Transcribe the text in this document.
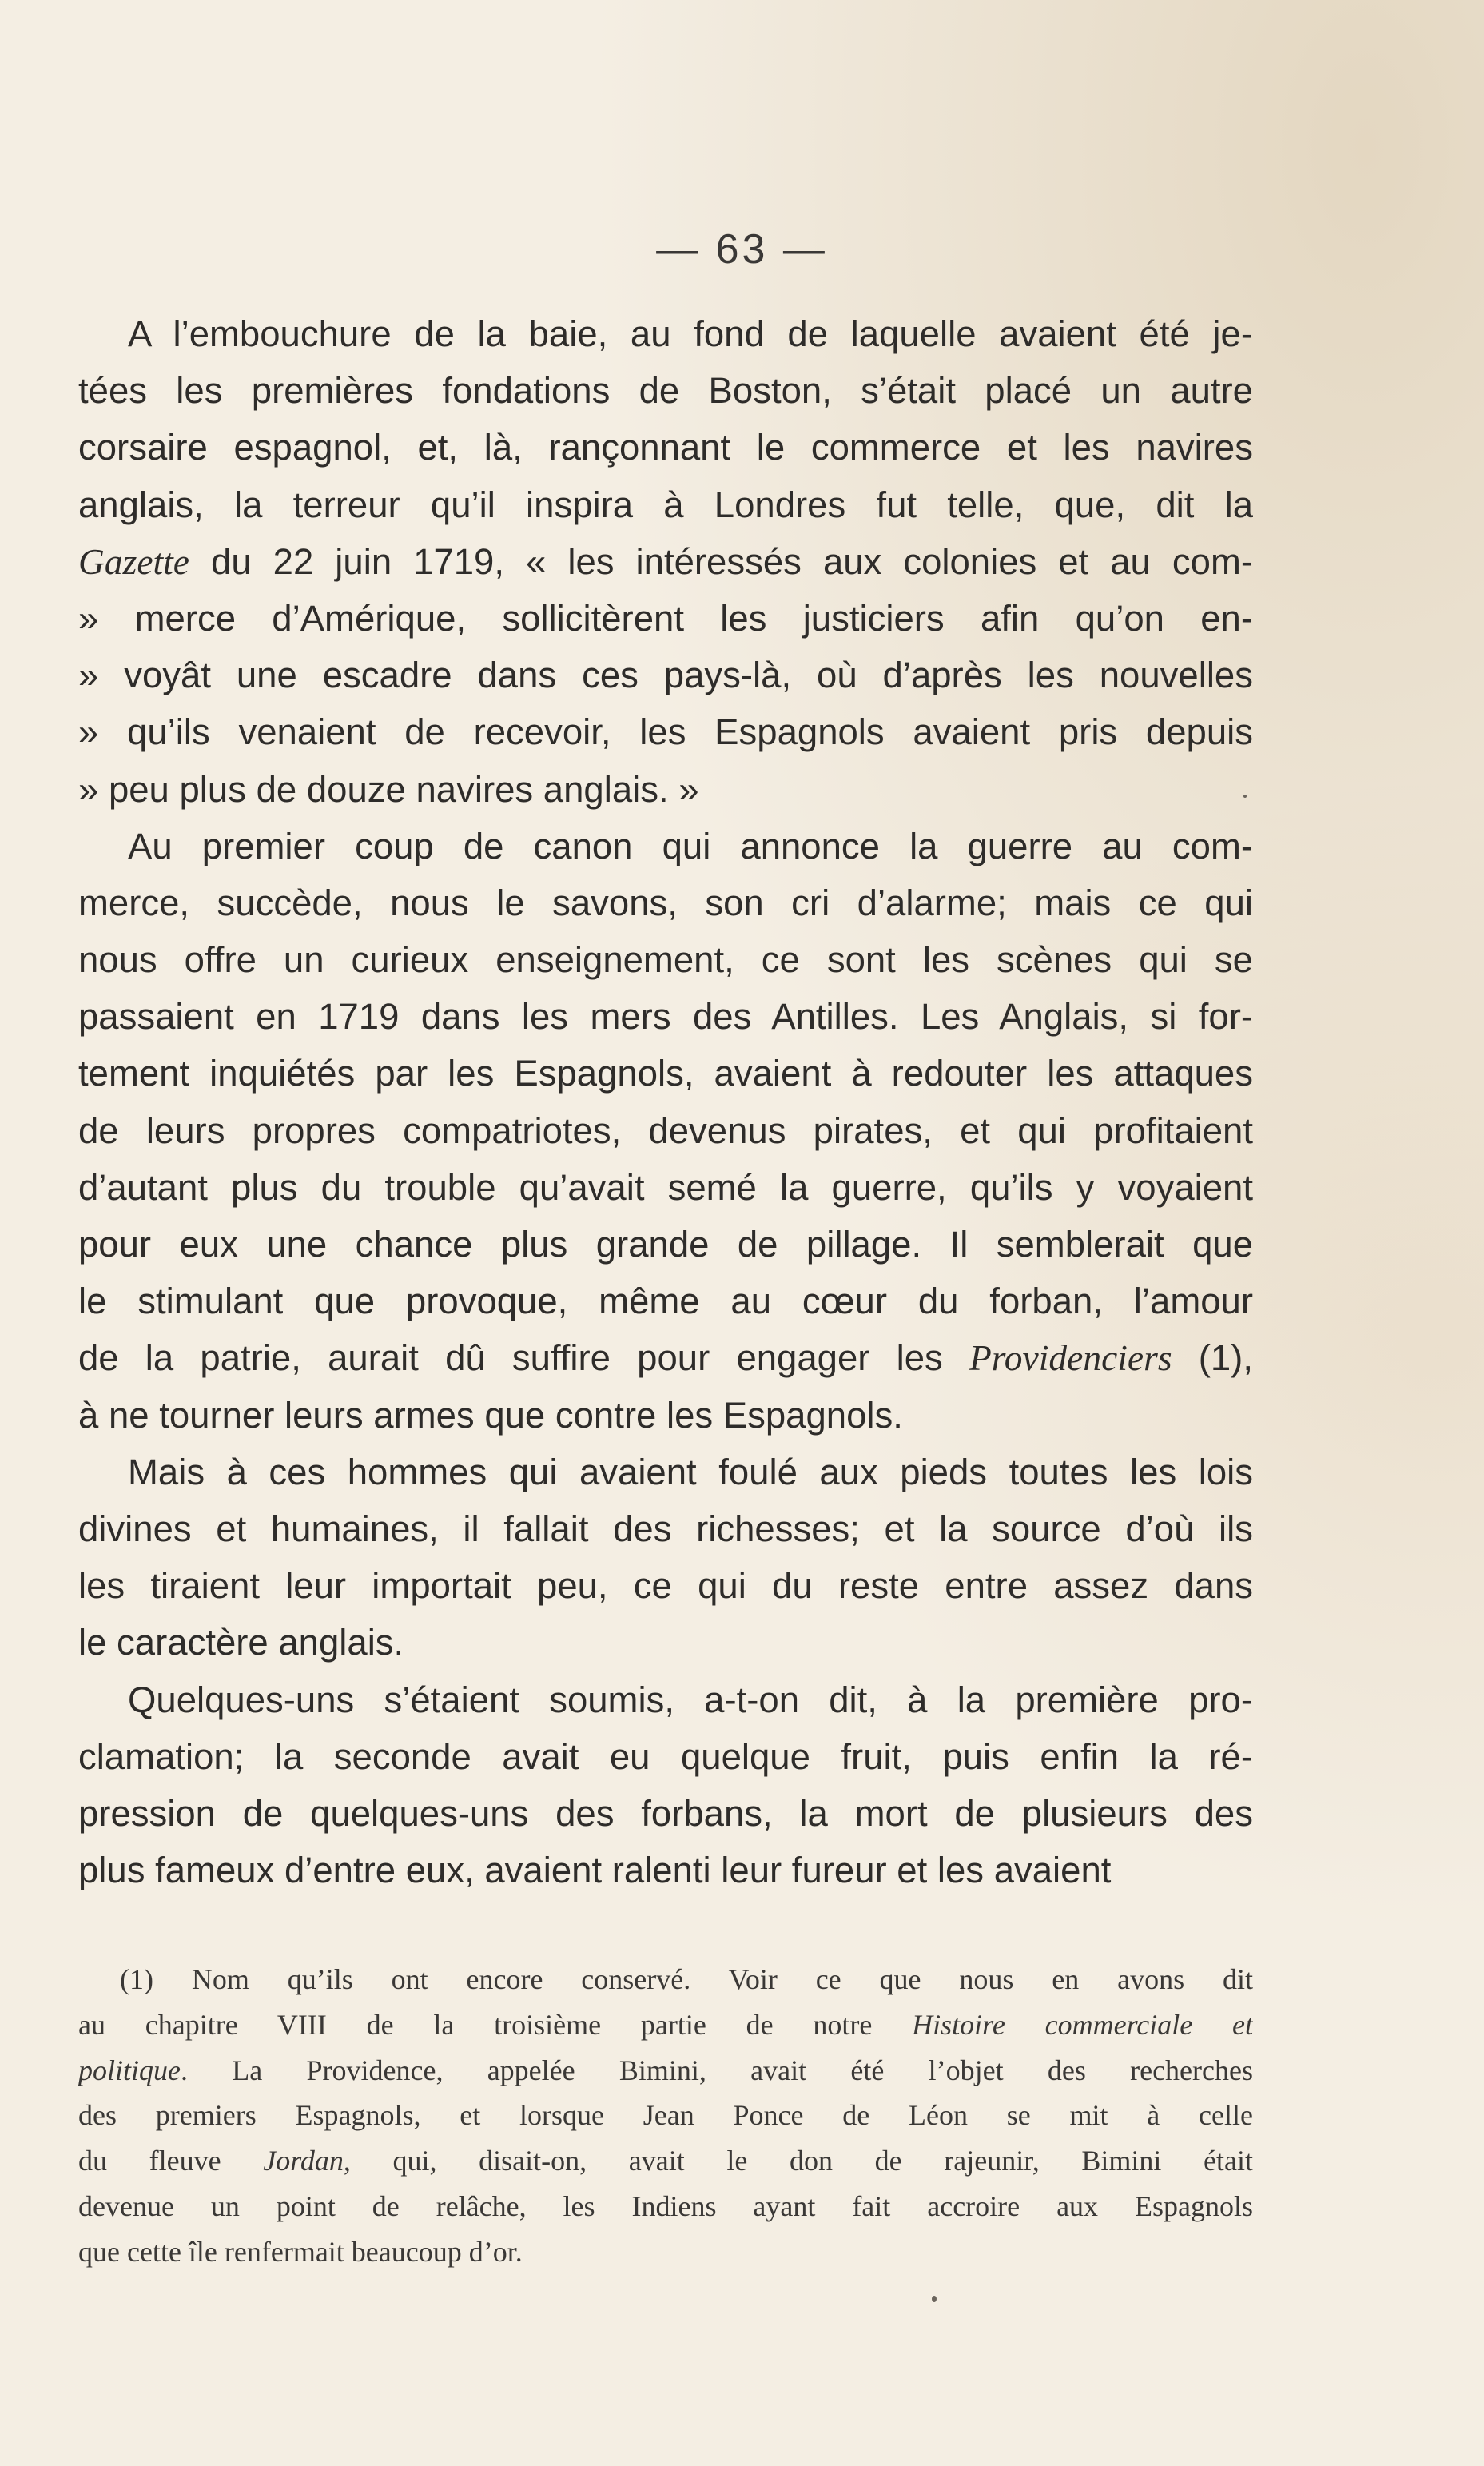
— 63 —
A l’embouchure de la baie, au fond de laquelle avaient été je-
tées les premières fondations de Boston, s’était placé un autre
corsaire espagnol, et, là, rançonnant le commerce et les navires
anglais, la terreur qu’il inspira à Londres fut telle, que, dit la
Gazette du 22 juin 1719, « les intéressés aux colonies et au com-
» merce d’Amérique, sollicitèrent les justiciers afin qu’on en-
» voyât une escadre dans ces pays-là, où d’après les nouvelles
» qu’ils venaient de recevoir, les Espagnols avaient pris depuis
» peu plus de douze navires anglais. »
Au premier coup de canon qui annonce la guerre au com-
merce, succède, nous le savons, son cri d’alarme; mais ce qui
nous offre un curieux enseignement, ce sont les scènes qui se
passaient en 1719 dans les mers des Antilles. Les Anglais, si for-
tement inquiétés par les Espagnols, avaient à redouter les attaques
de leurs propres compatriotes, devenus pirates, et qui profitaient
d’autant plus du trouble qu’avait semé la guerre, qu’ils y voyaient
pour eux une chance plus grande de pillage. Il semblerait que
le stimulant que provoque, même au cœur du forban, l’amour
de la patrie, aurait dû suffire pour engager les Providenciers (1),
à ne tourner leurs armes que contre les Espagnols.
Mais à ces hommes qui avaient foulé aux pieds toutes les lois
divines et humaines, il fallait des richesses; et la source d’où ils
les tiraient leur importait peu, ce qui du reste entre assez dans
le caractère anglais.
Quelques-uns s’étaient soumis, a-t-on dit, à la première pro-
clamation; la seconde avait eu quelque fruit, puis enfin la ré-
pression de quelques-uns des forbans, la mort de plusieurs des
plus fameux d’entre eux, avaient ralenti leur fureur et les avaient
(1) Nom qu’ils ont encore conservé. Voir ce que nous en avons dit
au chapitre VIII de la troisième partie de notre Histoire commerciale et
politique. La Providence, appelée Bimini, avait été l’objet des recherches
des premiers Espagnols, et lorsque Jean Ponce de Léon se mit à celle
du fleuve Jordan, qui, disait-on, avait le don de rajeunir, Bimini était
devenue un point de relâche, les Indiens ayant fait accroire aux Espagnols
que cette île renfermait beaucoup d’or.
